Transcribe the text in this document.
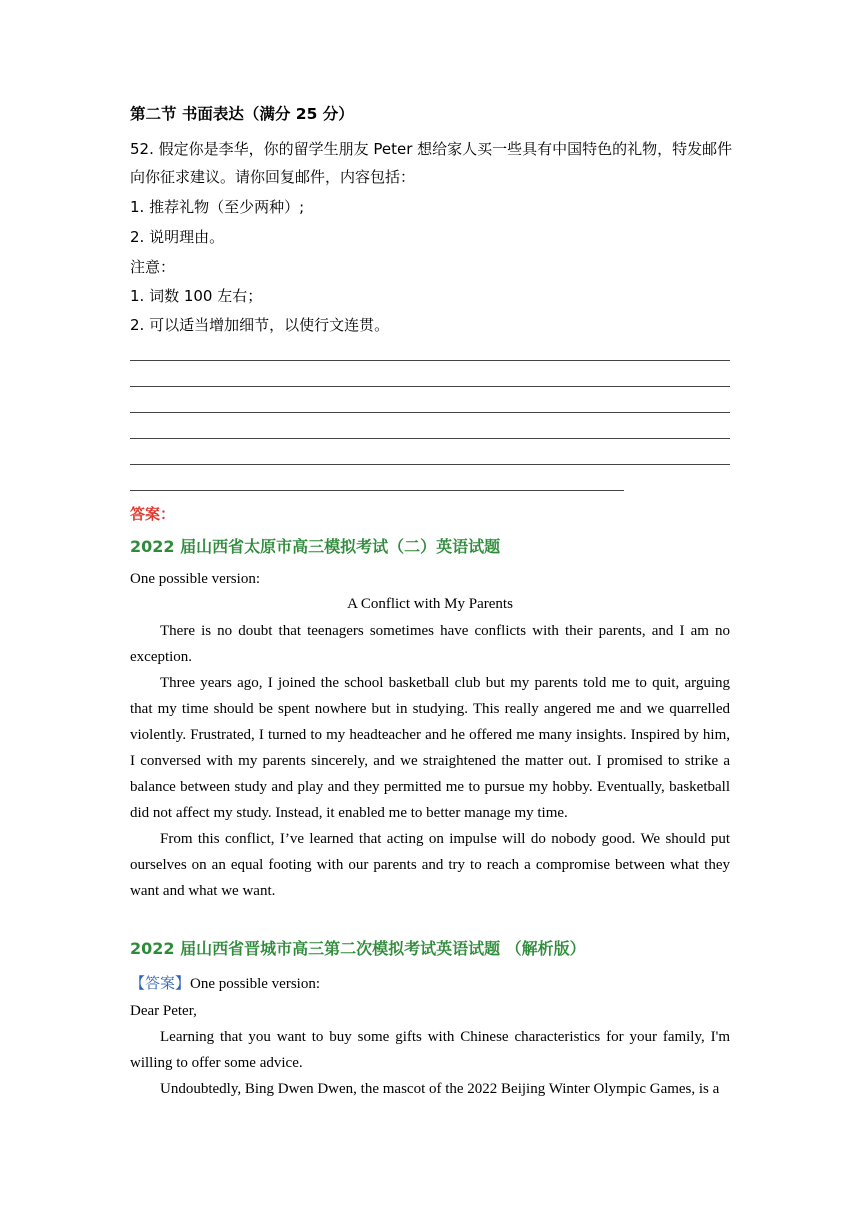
第二节 书面表达（满分 25 分）
52. 假定你是李华，你的留学生朋友 Peter 想给家人买一些具有中国特色的礼物，特发邮件
向你征求建议。请你回复邮件，内容包括：
1. 推荐礼物（至少两种）;
2. 说明理由。
注意：
1. 词数 100 左右；
2. 可以适当增加细节，以使行文连贯。
答案：
2022 届山西省太原市高三模拟考试（二）英语试题
One possible version:
A Conflict with My Parents
There is no doubt that teenagers sometimes have conflicts with their parents, and I am no exception.
Three years ago, I joined the school basketball club but my parents told me to quit, arguing that my time should be spent nowhere but in studying. This really angered me and we quarrelled violently. Frustrated, I turned to my headteacher and he offered me many insights. Inspired by him, I conversed with my parents sincerely, and we straightened the matter out. I promised to strike a balance between study and play and they permitted me to pursue my hobby. Eventually, basketball did not affect my study. Instead, it enabled me to better manage my time.
From this conflict, I’ve learned that acting on impulse will do nobody good. We should put ourselves on an equal footing with our parents and try to reach a compromise between what they want and what we want.
2022 届山西省晋城市高三第二次模拟考试英语试题 （解析版）
【答案】One possible version:
Dear Peter,
Learning that you want to buy some gifts with Chinese characteristics for your family, I'm willing to offer some advice.
Undoubtedly, Bing Dwen Dwen, the mascot of the 2022 Beijing Winter Olympic Games, is a
